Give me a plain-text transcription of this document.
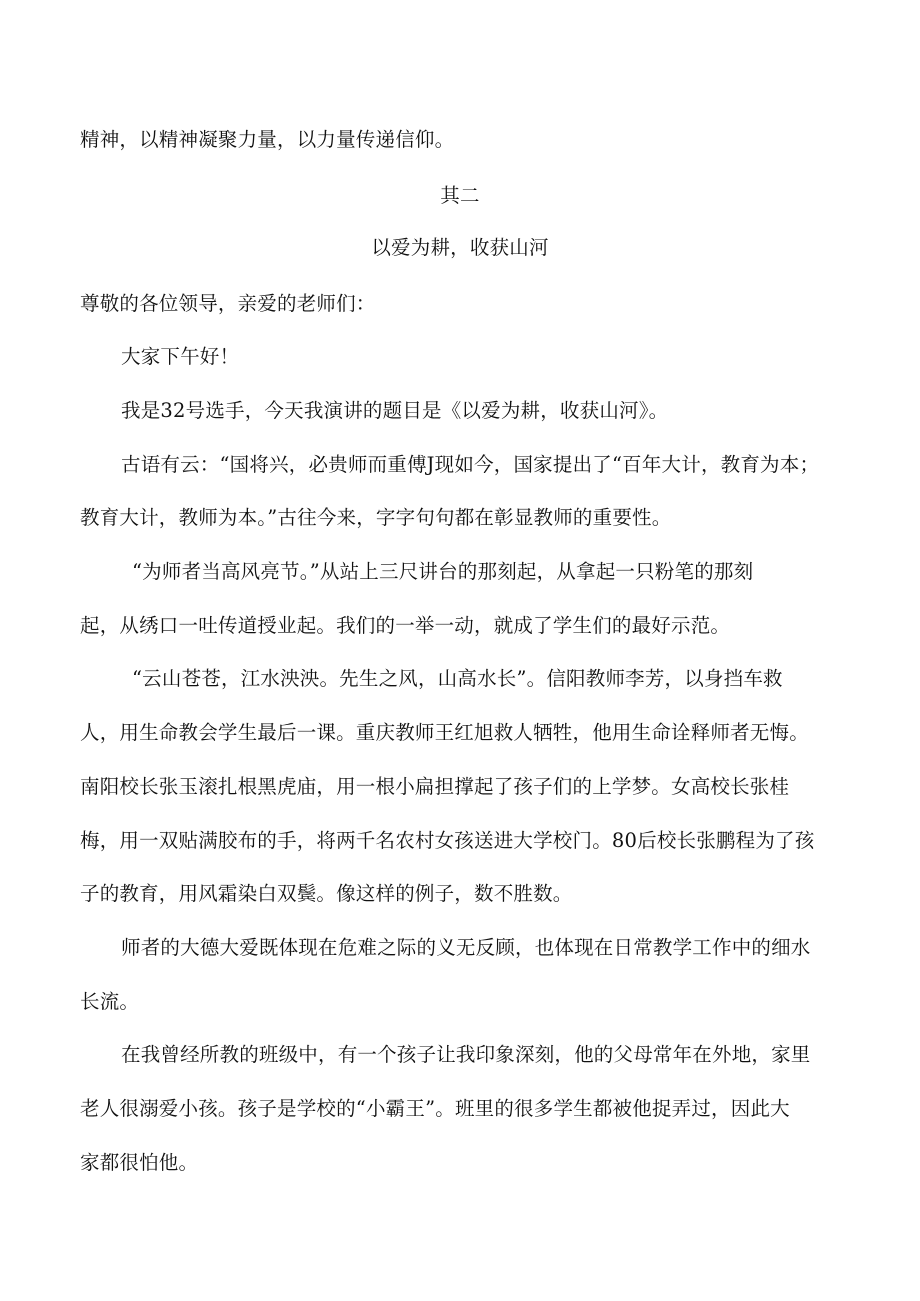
精神，以精神凝聚力量，以力量传递信仰。
其二
以爱为耕，收获山河
尊敬的各位领导，亲爱的老师们：
大家下午好！
我是32号选手，今天我演讲的题目是《以爱为耕，收获山河》。
古语有云：“国将兴，必贵师而重傅J现如今，国家提出了“百年大计，教育为本；
教育大计，教师为本。”古往今来，字字句句都在彰显教师的重要性。
“为师者当高风亮节。”从站上三尺讲台的那刻起，从拿起一只粉笔的那刻
起，从绣口一吐传道授业起。我们的一举一动，就成了学生们的最好示范。
“云山苍苍，江水泱泱。先生之风，山高水长”。信阳教师李芳，以身挡车救
人，用生命教会学生最后一课。重庆教师王红旭救人牺牲，他用生命诠释师者无悔。
南阳校长张玉滚扎根黑虎庙，用一根小扁担撑起了孩子们的上学梦。女高校长张桂
梅，用一双贴满胶布的手，将两千名农村女孩送进大学校门。80后校长张鹏程为了孩
子的教育，用风霜染白双鬓。像这样的例子，数不胜数。
师者的大德大爱既体现在危难之际的义无反顾，也体现在日常教学工作中的细水
长流。
在我曾经所教的班级中，有一个孩子让我印象深刻，他的父母常年在外地，家里
老人很溺爱小孩。孩子是学校的“小霸王”。班里的很多学生都被他捉弄过，因此大
家都很怕他。
